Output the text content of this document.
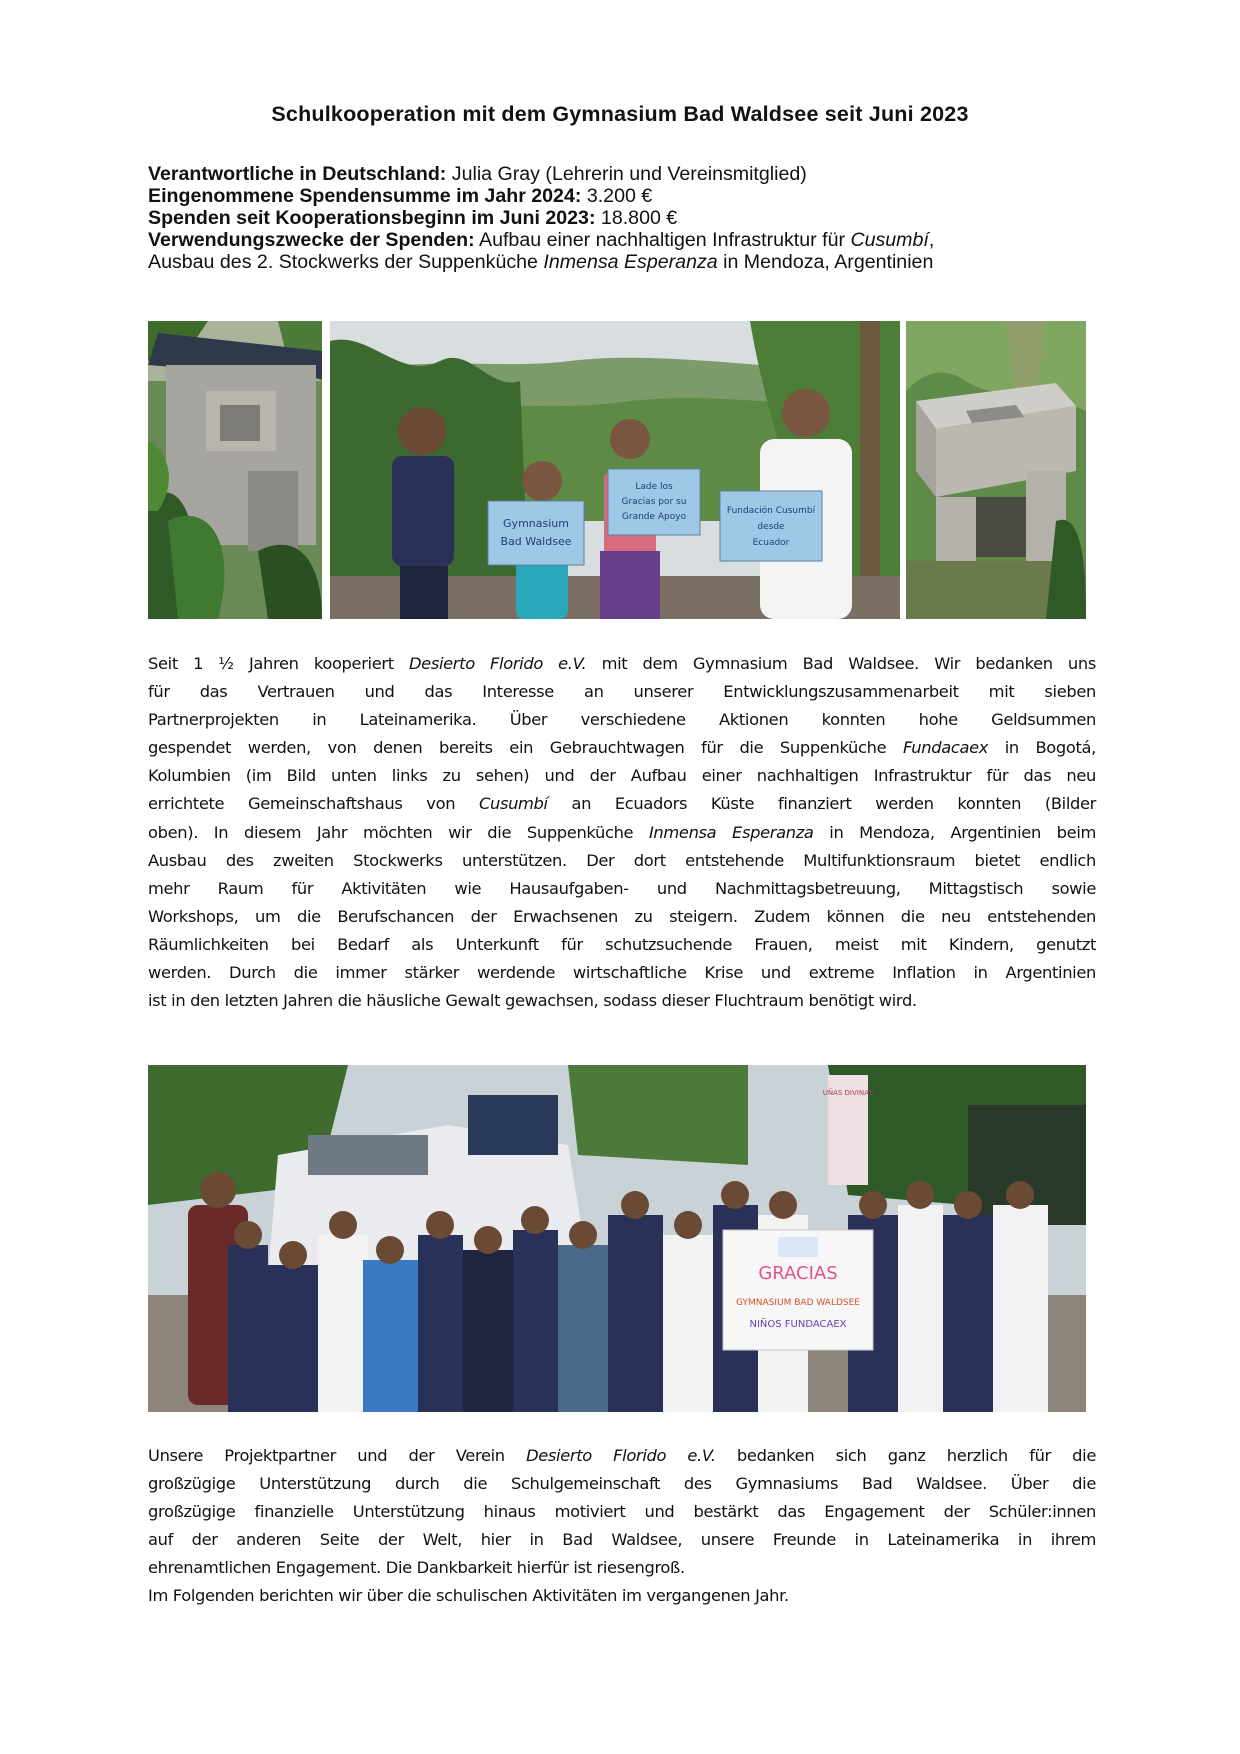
Schulkooperation mit dem Gymnasium Bad Waldsee seit Juni 2023
Verantwortliche in Deutschland: Julia Gray (Lehrerin und Vereinsmitglied)
Eingenommene Spendensumme im Jahr 2024: 3.200 €
Spenden seit Kooperationsbeginn im Juni 2023: 18.800 €
Verwendungszwecke der Spenden: Aufbau einer nachhaltigen Infrastruktur für Cusumbí,
Ausbau des 2. Stockwerks der Suppenküche Inmensa Esperanza in Mendoza, Argentinien
Gymnasium
Bad Waldsee
Lade los
Gracias por su
Grande Apoyo
Fundación Cusumbí
desde
Ecuador

Seit 1 ½ Jahren kooperiert Desierto Florido e.V. mit dem Gymnasium Bad Waldsee. Wir bedanken uns
für das Vertrauen und das Interesse an unserer Entwicklungszusammenarbeit mit sieben
Partnerprojekten in Lateinamerika. Über verschiedene Aktionen konnten hohe Geldsummen
gespendet werden, von denen bereits ein Gebrauchtwagen für die Suppenküche Fundacaex in Bogotá,
Kolumbien (im Bild unten links zu sehen) und der Aufbau einer nachhaltigen Infrastruktur für das neu
errichtete Gemeinschaftshaus von Cusumbí an Ecuadors Küste finanziert werden konnten (Bilder
oben). In diesem Jahr möchten wir die Suppenküche Inmensa Esperanza in Mendoza, Argentinien beim
Ausbau des zweiten Stockwerks unterstützen. Der dort entstehende Multifunktionsraum bietet endlich
mehr Raum für Aktivitäten wie Hausaufgaben- und Nachmittagsbetreuung, Mittagstisch sowie
Workshops, um die Berufschancen der Erwachsenen zu steigern. Zudem können die neu entstehenden
Räumlichkeiten bei Bedarf als Unterkunft für schutzsuchende Frauen, meist mit Kindern, genutzt
werden. Durch die immer stärker werdende wirtschaftliche Krise und extreme Inflation in Argentinien
ist in den letzten Jahren die häusliche Gewalt gewachsen, sodass dieser Fluchtraum benötigt wird.

UÑAS DIVINAS
GRACIAS
GYMNASIUM BAD WALDSEE
NIÑOS FUNDACAEX

Unsere Projektpartner und der Verein Desierto Florido e.V. bedanken sich ganz herzlich für die
großzügige Unterstützung durch die Schulgemeinschaft des Gymnasiums Bad Waldsee. Über die
großzügige finanzielle Unterstützung hinaus motiviert und bestärkt das Engagement der Schüler:innen
auf der anderen Seite der Welt, hier in Bad Waldsee, unsere Freunde in Lateinamerika in ihrem
ehrenamtlichen Engagement. Die Dankbarkeit hierfür ist riesengroß.
Im Folgenden berichten wir über die schulischen Aktivitäten im vergangenen Jahr.
